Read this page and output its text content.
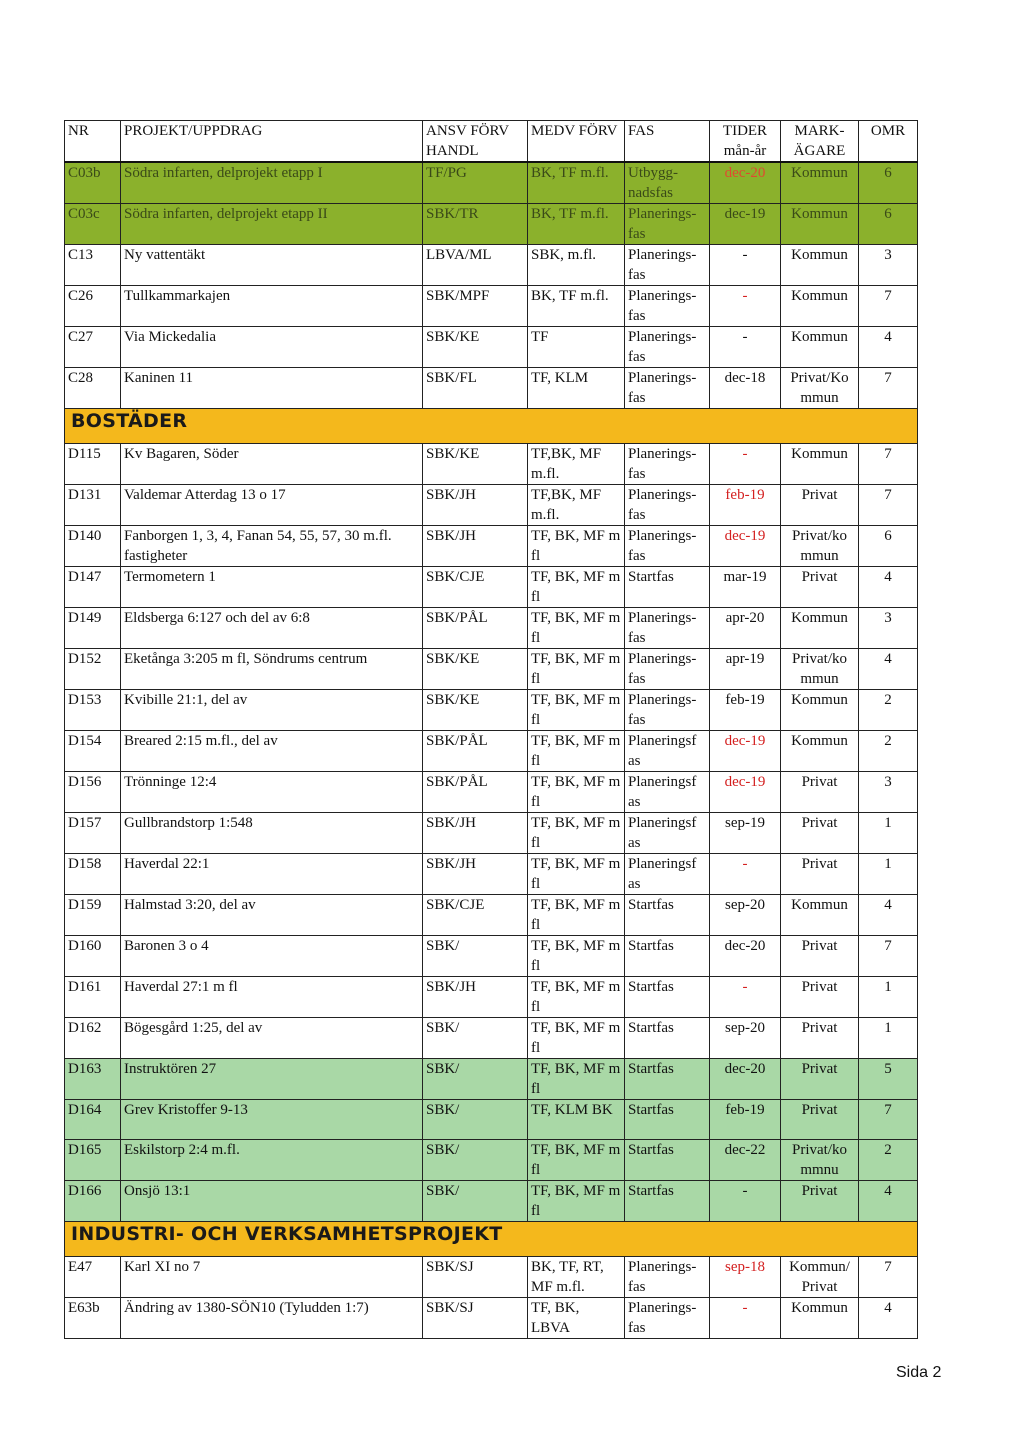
NR	PROJEKT/UPPDRAG	ANSV FÖRV HANDL	MEDV FÖRV	FAS	TIDER mån-år	MARK-ÄGARE	OMR
C03b	Södra infarten, delprojekt etapp I	TF/PG	BK, TF m.fl.	Utbygg-nadsfas	dec-20	Kommun	6
C03c	Södra infarten, delprojekt etapp II	SBK/TR	BK, TF m.fl.	Planerings-fas	dec-19	Kommun	6
C13	Ny vattentäkt	LBVA/ML	SBK, m.fl.	Planerings-fas	-	Kommun	3
C26	Tullkammarkajen	SBK/MPF	BK, TF m.fl.	Planerings-fas	-	Kommun	7
C27	Via Mickedalia	SBK/KE	TF	Planerings-fas	-	Kommun	4
C28	Kaninen 11	SBK/FL	TF, KLM	Planerings-fas	dec-18	Privat/Ko mmun	7
BOSTÄDER							
D115	Kv Bagaren, Söder	SBK/KE	TF,BK, MF m.fl.	Planerings-fas	-	Kommun	7
D131	Valdemar Atterdag 13 o 17	SBK/JH	TF,BK, MF m.fl.	Planerings-fas	feb-19	Privat	7
D140	Fanborgen 1, 3, 4, Fanan 54, 55, 57, 30 m.fl. fastigheter	SBK/JH	TF, BK, MF m fl	Planerings-fas	dec-19	Privat/ko mmun	6
D147	Termometern 1	SBK/CJE	TF, BK, MF m fl	Startfas	mar-19	Privat	4
D149	Eldsberga 6:127 och del av 6:8	SBK/PÅL	TF, BK, MF m fl	Planerings-fas	apr-20	Kommun	3
D152	Eketånga 3:205 m fl, Söndrums centrum	SBK/KE	TF, BK, MF m fl	Planerings-fas	apr-19	Privat/ko mmun	4
D153	Kvibille 21:1, del av	SBK/KE	TF, BK, MF m fl	Planerings-fas	feb-19	Kommun	2
D154	Breared 2:15 m.fl., del av	SBK/PÅL	TF, BK, MF m fl	Planeringsf as	dec-19	Kommun	2
D156	Trönninge 12:4	SBK/PÅL	TF, BK, MF m fl	Planeringsf as	dec-19	Privat	3
D157	Gullbrandstorp 1:548	SBK/JH	TF, BK, MF m fl	Planeringsf as	sep-19	Privat	1
D158	Haverdal 22:1	SBK/JH	TF, BK, MF m fl	Planeringsf as	-	Privat	1
D159	Halmstad 3:20, del av	SBK/CJE	TF, BK, MF m fl	Startfas	sep-20	Kommun	4
D160	Baronen 3 o 4	SBK/	TF, BK, MF m fl	Startfas	dec-20	Privat	7
D161	Haverdal 27:1 m fl	SBK/JH	TF, BK, MF m fl	Startfas	-	Privat	1
D162	Bögesgård 1:25, del av	SBK/	TF, BK, MF m fl	Startfas	sep-20	Privat	1
D163	Instruktören 27	SBK/	TF, BK, MF m fl	Startfas	dec-20	Privat	5
D164	Grev Kristoffer 9-13	SBK/	TF, KLM BK	Startfas	feb-19	Privat	7
D165	Eskilstorp 2:4 m.fl.	SBK/	TF, BK, MF m fl	Startfas	dec-22	Privat/ko mmnu	2
D166	Onsjö 13:1	SBK/	TF, BK, MF m fl	Startfas	-	Privat	4
INDUSTRI- OCH VERKSAMHETSPROJEKT							
E47	Karl XI no 7	SBK/SJ	BK, TF, RT, MF m.fl.	Planerings-fas	sep-18	Kommun/ Privat	7
E63b	Ändring av 1380-SÖN10 (Tyludden 1:7)	SBK/SJ	TF, BK, LBVA	Planerings-fas	-	Kommun	4
Sida 2
